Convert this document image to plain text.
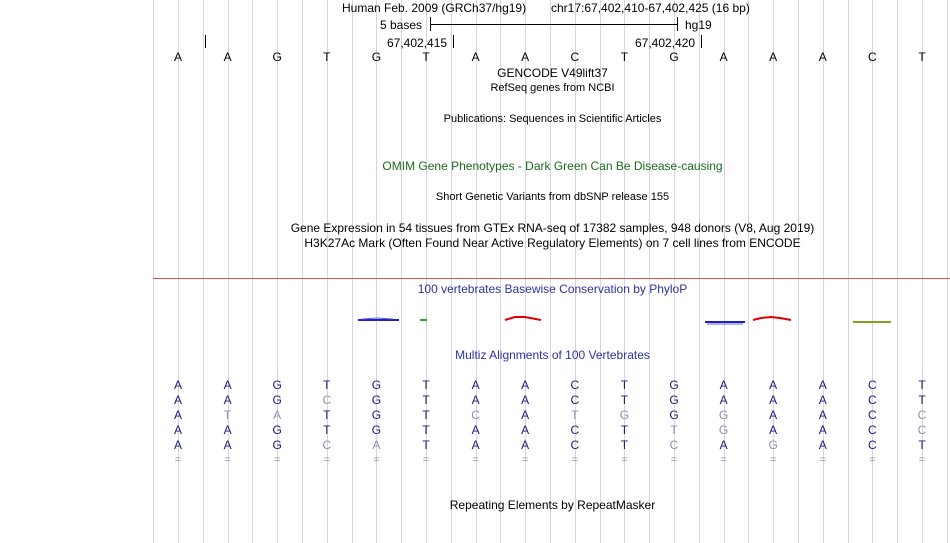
Human Feb. 2009 (GRCh37/hg19) chr17:67,402,410-67,402,425 (16 bp)
5 bases	hg19
67,402,415	67,402,420
A	A	G	T	G	T	A	A	C	T	G	A	A	A	C	T
GENCODE V49lift37
RefSeq genes from NCBI
Publications: Sequences in Scientific Articles
OMIM Gene Phenotypes - Dark Green Can Be Disease-causing
Short Genetic Variants from dbSNP release 155
Gene Expression in 54 tissues from GTEx RNA-seq of 17382 samples, 948 donors (V8, Aug 2019)
H3K27Ac Mark (Often Found Near Active Regulatory Elements) on 7 cell lines from ENCODE
100 vertebrates Basewise Conservation by PhyloP
Multiz Alignments of 100 Vertebrates
A	A	G	T	G	T	A	A	C	T	G	A	A	A	C	T
A	A	G	C	G	T	A	A	C	T	G	A	A	A	C	T
A	T	A	T	G	T	C	A	T	G	G	G	A	A	C	C
A	A	G	T	G	T	A	A	C	T	T	G	A	A	C	C
A	A	G	C	A	T	A	A	C	T	C	A	G	A	C	T
=	=	=	=	=	=	=	=	=	=	=	=	=	=	=	=
Repeating Elements by RepeatMasker
